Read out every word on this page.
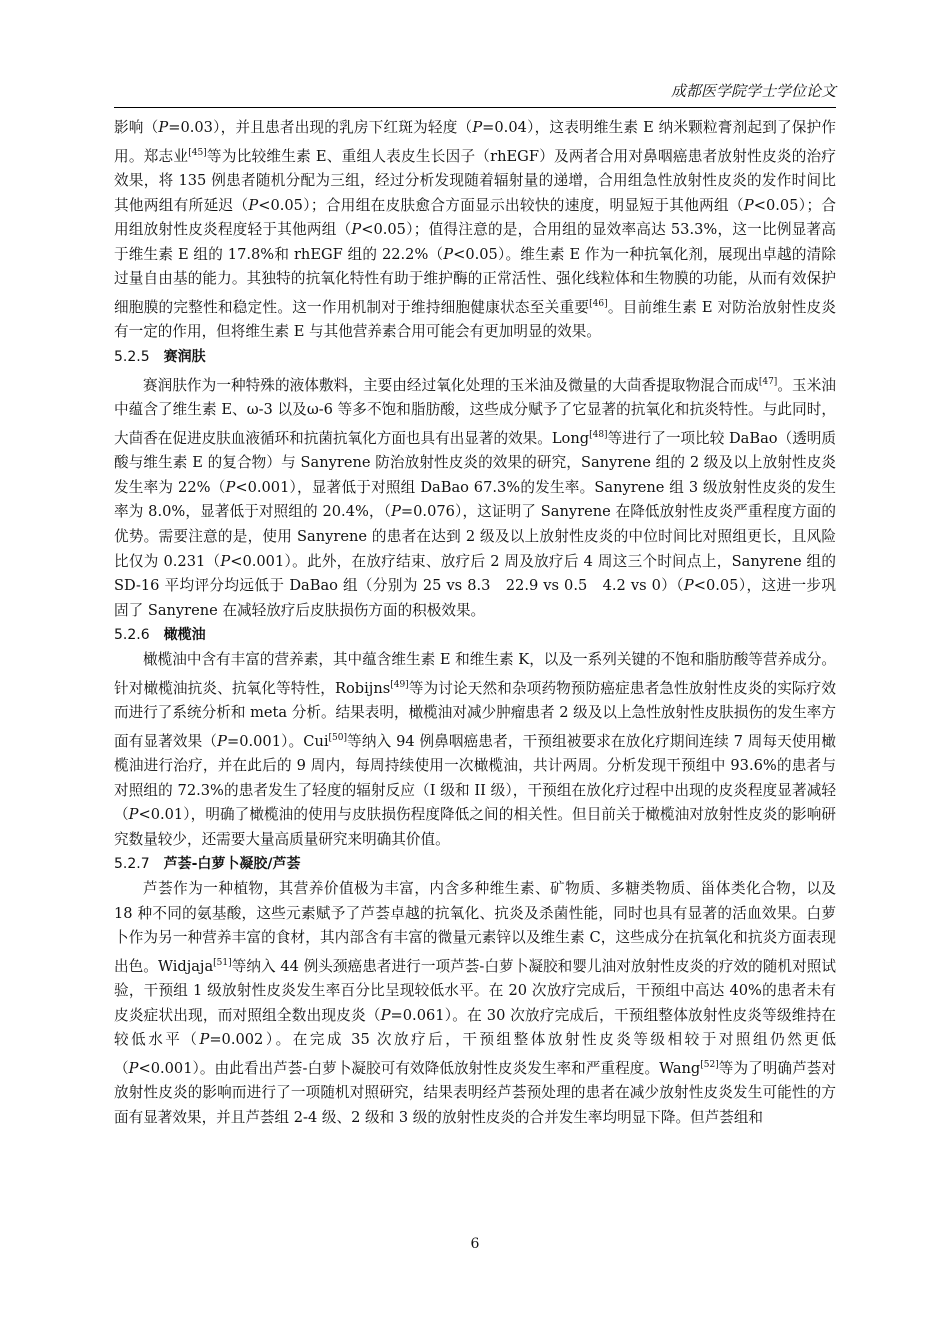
成都医学院学士学位论文

影响（P=0.03），并且患者出现的乳房下红斑为轻度（P=0.04），这表明维生素 E 纳米颗粒膏剂起到了保护作用。郑志业[45]等为比较维生素 E、重组人表皮生长因子（rhEGF）及两者合用对鼻咽癌患者放射性皮炎的治疗效果，将 135 例患者随机分配为三组，经过分析发现随着辐射量的递增，合用组急性放射性皮炎的发作时间比其他两组有所延迟（P<0.05）；合用组在皮肤愈合方面显示出较快的速度，明显短于其他两组（P<0.05）；合用组放射性皮炎程度轻于其他两组（P<0.05）；值得注意的是，合用组的显效率高达 53.3%，这一比例显著高于维生素 E 组的 17.8%和 rhEGF 组的 22.2%（P<0.05）。维生素 E 作为一种抗氧化剂，展现出卓越的清除过量自由基的能力。其独特的抗氧化特性有助于维护酶的正常活性、强化线粒体和生物膜的功能，从而有效保护细胞膜的完整性和稳定性。这一作用机制对于维持细胞健康状态至关重要[46]。目前维生素 E 对防治放射性皮炎有一定的作用，但将维生素 E 与其他营养素合用可能会有更加明显的效果。

5.2.5 赛润肤

赛润肤作为一种特殊的液体敷料，主要由经过氧化处理的玉米油及微量的大茴香提取物混合而成[47]。玉米油中蕴含了维生素 E、ω-3 以及ω-6 等多不饱和脂肪酸，这些成分赋予了它显著的抗氧化和抗炎特性。与此同时，大茴香在促进皮肤血液循环和抗菌抗氧化方面也具有出显著的效果。Long[48]等进行了一项比较 DaBao（透明质酸与维生素 E 的复合物）与 Sanyrene 防治放射性皮炎的效果的研究，Sanyrene 组的 2 级及以上放射性皮炎发生率为 22%（P<0.001），显著低于对照组 DaBao 67.3%的发生率。Sanyrene 组 3 级放射性皮炎的发生率为 8.0%，显著低于对照组的 20.4%，（P=0.076），这证明了 Sanyrene 在降低放射性皮炎严重程度方面的优势。需要注意的是，使用 Sanyrene 的患者在达到 2 级及以上放射性皮炎的中位时间比对照组更长，且风险比仅为 0.231（P<0.001）。此外，在放疗结束、放疗后 2 周及放疗后 4 周这三个时间点上，Sanyrene 组的 SD-16 平均评分均远低于 DaBao 组（分别为 25 vs 8.3　22.9 vs 0.5　4.2 vs 0）（P<0.05），这进一步巩固了 Sanyrene 在减轻放疗后皮肤损伤方面的积极效果。

5.2.6 橄榄油

橄榄油中含有丰富的营养素，其中蕴含维生素 E 和维生素 K，以及一系列关键的不饱和脂肪酸等营养成分。针对橄榄油抗炎、抗氧化等特性，Robijns[49]等为讨论天然和杂项药物预防癌症患者急性放射性皮炎的实际疗效而进行了系统分析和 meta 分析。结果表明，橄榄油对减少肿瘤患者 2 级及以上急性放射性皮肤损伤的发生率方面有显著效果（P=0.001）。Cui[50]等纳入 94 例鼻咽癌患者，干预组被要求在放化疗期间连续 7 周每天使用橄榄油进行治疗，并在此后的 9 周内，每周持续使用一次橄榄油，共计两周。分析发现干预组中 93.6%的患者与对照组的 72.3%的患者发生了轻度的辐射反应（I 级和 II 级），干预组在放化疗过程中出现的皮炎程度显著减轻（P<0.01），明确了橄榄油的使用与皮肤损伤程度降低之间的相关性。但目前关于橄榄油对放射性皮炎的影响研究数量较少，还需要大量高质量研究来明确其价值。

5.2.7 芦荟-白萝卜凝胶/芦荟

芦荟作为一种植物，其营养价值极为丰富，内含多种维生素、矿物质、多糖类物质、甾体类化合物，以及 18 种不同的氨基酸，这些元素赋予了芦荟卓越的抗氧化、抗炎及杀菌性能，同时也具有显著的活血效果。白萝卜作为另一种营养丰富的食材，其内部含有丰富的微量元素锌以及维生素 C，这些成分在抗氧化和抗炎方面表现出色。Widjaja[51]等纳入 44 例头颈癌患者进行一项芦荟-白萝卜凝胶和婴儿油对放射性皮炎的疗效的随机对照试验，干预组 1 级放射性皮炎发生率百分比呈现较低水平。在 20 次放疗完成后，干预组中高达 40%的患者未有皮炎症状出现，而对照组全数出现皮炎（P=0.061）。在 30 次放疗完成后，干预组整体放射性皮炎等级维持在较低水平（P=0.002）。在完成 35 次放疗后，干预组整体放射性皮炎等级相较于对照组仍然更低（P<0.001）。由此看出芦荟-白萝卜凝胶可有效降低放射性皮炎发生率和严重程度。Wang[52]等为了明确芦荟对放射性皮炎的影响而进行了一项随机对照研究，结果表明经芦荟预处理的患者在减少放射性皮炎发生可能性的方面有显著效果，并且芦荟组 2-4 级、2 级和 3 级的放射性皮炎的合并发生率均明显下降。但芦荟组和

6
